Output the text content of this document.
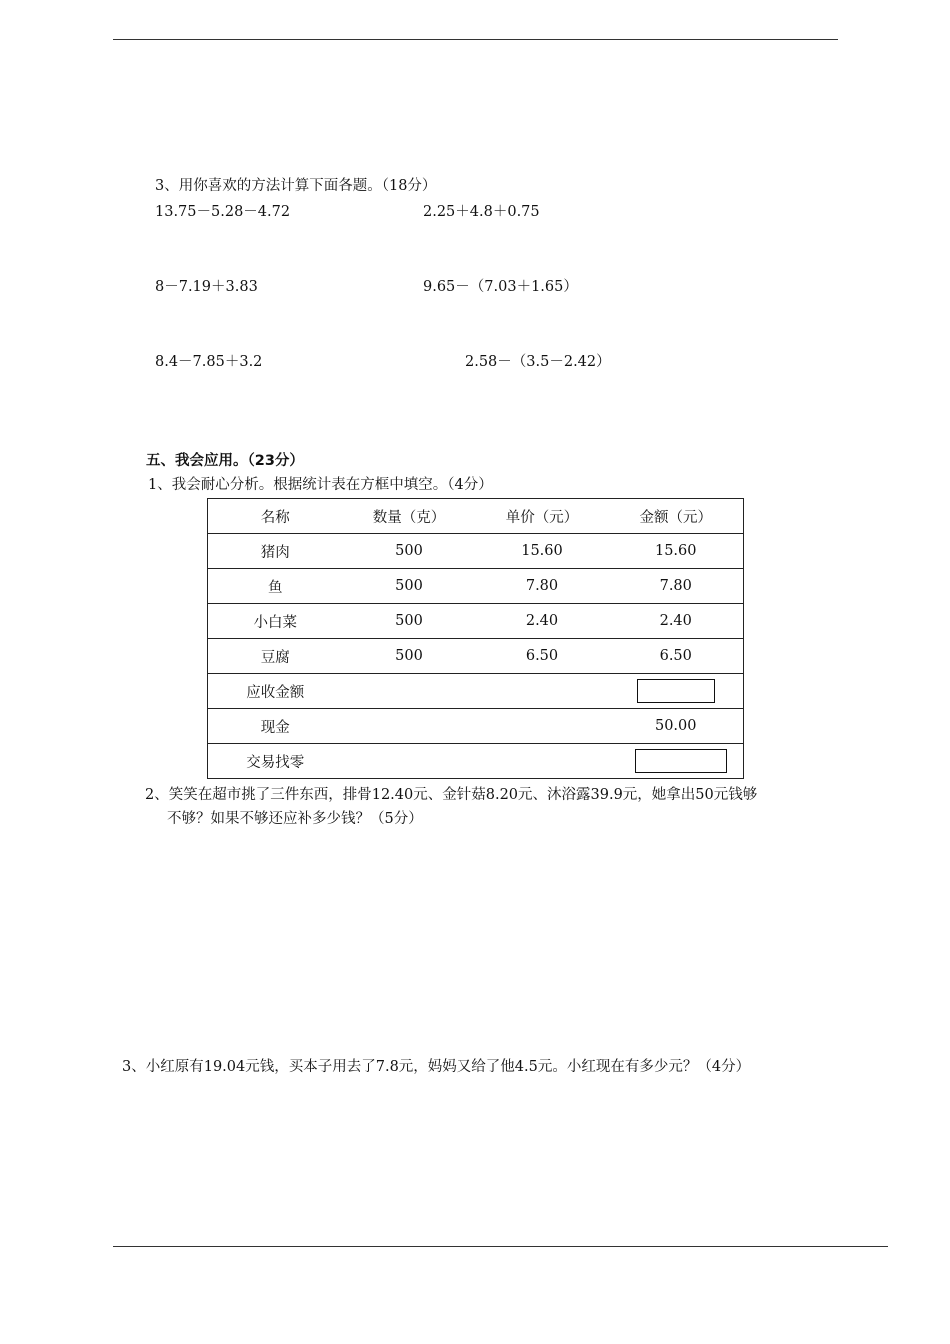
3、用你喜欢的方法计算下面各题。（18分）
13.75－5.28－4.72	2.25＋4.8＋0.75
8－7.19＋3.83	9.65－（7.03＋1.65）
8.4－7.85＋3.2	2.58－（3.5－2.42）
五、我会应用。（23分）
1、我会耐心分析。根据统计表在方框中填空。（4分）
名称	数量（克）	单价（元）	金额（元）
猪肉	500	15.60	15.60
鱼	500	7.80	7.80
小白菜	500	2.40	2.40
豆腐	500	6.50	6.50
应收金额			
现金			50.00
交易找零			
2、笑笑在超市挑了三件东西，排骨12.40元、金针菇8.20元、沐浴露39.9元，她拿出50元钱够
不够？如果不够还应补多少钱？（5分）
3、小红原有19.04元钱，买本子用去了7.8元，妈妈又给了他4.5元。小红现在有多少元？（4分）
